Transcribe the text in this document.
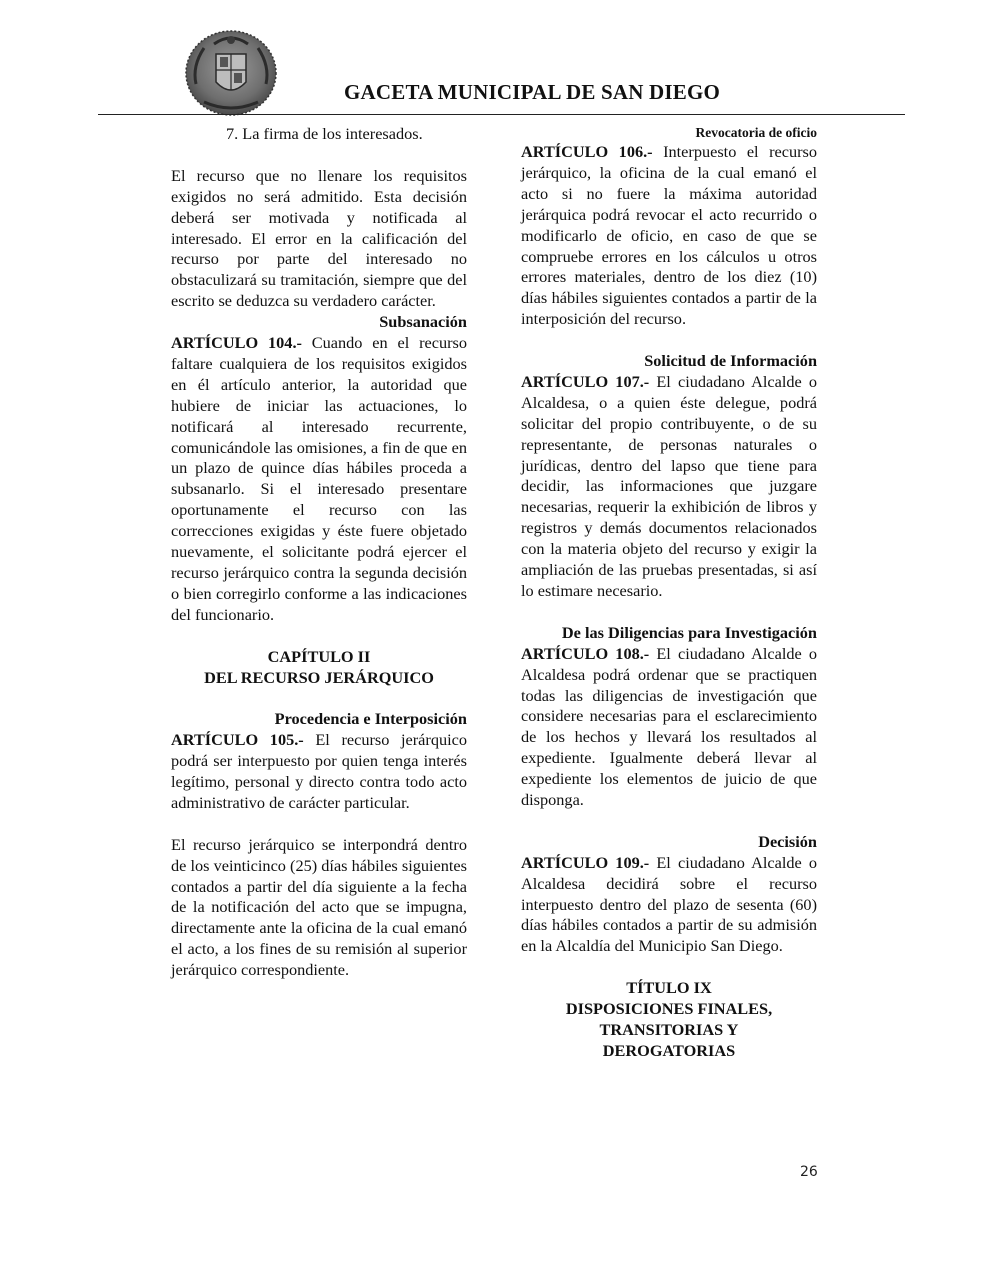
GACETA MUNICIPAL DE SAN DIEGO

7. La firma de los interesados.

El recurso que no llenare los requisitos exigidos no será admitido. Esta decisión deberá ser motivada y notificada al interesado. El error en la calificación del recurso por parte del interesado no obstaculizará su tramitación, siempre que del escrito se deduzca su verdadero carácter.

Subsanación

ARTÍCULO 104.- Cuando en el recurso faltare cualquiera de los requisitos exigidos en él artículo anterior, la autoridad que hubiere de iniciar las actuaciones, lo notificará al interesado recurrente, comunicándole las omisiones, a fin de que en un plazo de quince días hábiles proceda a subsanarlo. Si el interesado presentare oportunamente el recurso con las correcciones exigidas y éste fuere objetado nuevamente, el solicitante podrá ejercer el recurso jerárquico contra la segunda decisión o bien corregirlo conforme a las indicaciones del funcionario.

CAPÍTULO II

DEL RECURSO JERÁRQUICO

Procedencia e Interposición

ARTÍCULO 105.- El recurso jerárquico podrá ser interpuesto por quien tenga interés legítimo, personal y directo contra todo acto administrativo de carácter particular.

El recurso jerárquico se interpondrá dentro de los veinticinco (25) días hábiles siguientes contados a partir del día siguiente a la fecha de la notificación del acto que se impugna, directamente ante la oficina de la cual emanó el acto, a los fines de su remisión al superior jerárquico correspondiente.

Revocatoria de oficio

ARTÍCULO 106.- Interpuesto el recurso jerárquico, la oficina de la cual emanó el acto si no fuere la máxima autoridad jerárquica podrá revocar el acto recurrido o modificarlo de oficio, en caso de que se compruebe errores en los cálculos u otros errores materiales, dentro de los diez (10) días hábiles siguientes contados a partir de la interposición del recurso.

Solicitud de Información

ARTÍCULO 107.- El ciudadano Alcalde o Alcaldesa, o a quien éste delegue, podrá solicitar del propio contribuyente, o de su representante, de personas naturales o jurídicas, dentro del lapso que tiene para decidir, las informaciones que juzgare necesarias, requerir la exhibición de libros y registros y demás documentos relacionados con la materia objeto del recurso y exigir la ampliación de las pruebas presentadas, si así lo estimare necesario.

De las Diligencias para Investigación

ARTÍCULO 108.- El ciudadano Alcalde o Alcaldesa podrá ordenar que se practiquen todas las diligencias de investigación que considere necesarias para el esclarecimiento de los hechos y llevará los resultados al expediente. Igualmente deberá llevar al expediente los elementos de juicio de que disponga.

Decisión

ARTÍCULO 109.- El ciudadano Alcalde o Alcaldesa decidirá sobre el recurso interpuesto dentro del plazo de sesenta (60) días hábiles contados a partir de su admisión en la Alcaldía del Municipio San Diego.

TÍTULO IX

DISPOSICIONES FINALES,

TRANSITORIAS Y

DEROGATORIAS

26
